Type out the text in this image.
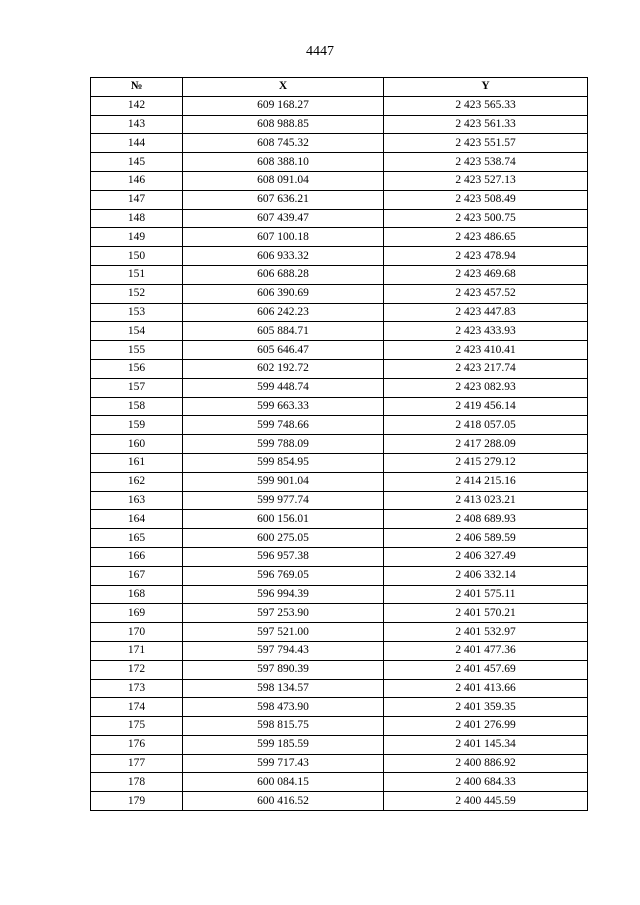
4447
№	X	Y
142	609 168.27	2 423 565.33
143	608 988.85	2 423 561.33
144	608 745.32	2 423 551.57
145	608 388.10	2 423 538.74
146	608 091.04	2 423 527.13
147	607 636.21	2 423 508.49
148	607 439.47	2 423 500.75
149	607 100.18	2 423 486.65
150	606 933.32	2 423 478.94
151	606 688.28	2 423 469.68
152	606 390.69	2 423 457.52
153	606 242.23	2 423 447.83
154	605 884.71	2 423 433.93
155	605 646.47	2 423 410.41
156	602 192.72	2 423 217.74
157	599 448.74	2 423 082.93
158	599 663.33	2 419 456.14
159	599 748.66	2 418 057.05
160	599 788.09	2 417 288.09
161	599 854.95	2 415 279.12
162	599 901.04	2 414 215.16
163	599 977.74	2 413 023.21
164	600 156.01	2 408 689.93
165	600 275.05	2 406 589.59
166	596 957.38	2 406 327.49
167	596 769.05	2 406 332.14
168	596 994.39	2 401 575.11
169	597 253.90	2 401 570.21
170	597 521.00	2 401 532.97
171	597 794.43	2 401 477.36
172	597 890.39	2 401 457.69
173	598 134.57	2 401 413.66
174	598 473.90	2 401 359.35
175	598 815.75	2 401 276.99
176	599 185.59	2 401 145.34
177	599 717.43	2 400 886.92
178	600 084.15	2 400 684.33
179	600 416.52	2 400 445.59
